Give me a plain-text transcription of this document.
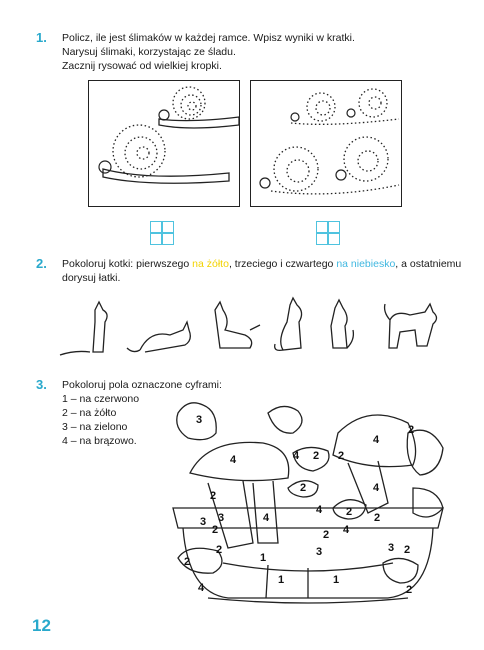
1. Policz, ile jest ślimaków w każdej ramce. Wpisz wyniki w kratki.
Narysuj ślimaki, korzystając ze śladu.
Zacznij rysować od wielkiej kropki.
2. Pokoloruj kotki: pierwszego na żółto, trzeciego i czwartego na niebiesko, a ostatniemu
dorysuj łatki.
3. Pokoloruj pola oznaczone cyframi:
1 – na czerwono
2 – na żółto
3 – na zielono
4 – na brązowo.
3
4
4
2
2
4	2
2
4
2
4 2
4
4
3
2
3	2
2
3
1
2
1
2
3
1
2
4	2
12
